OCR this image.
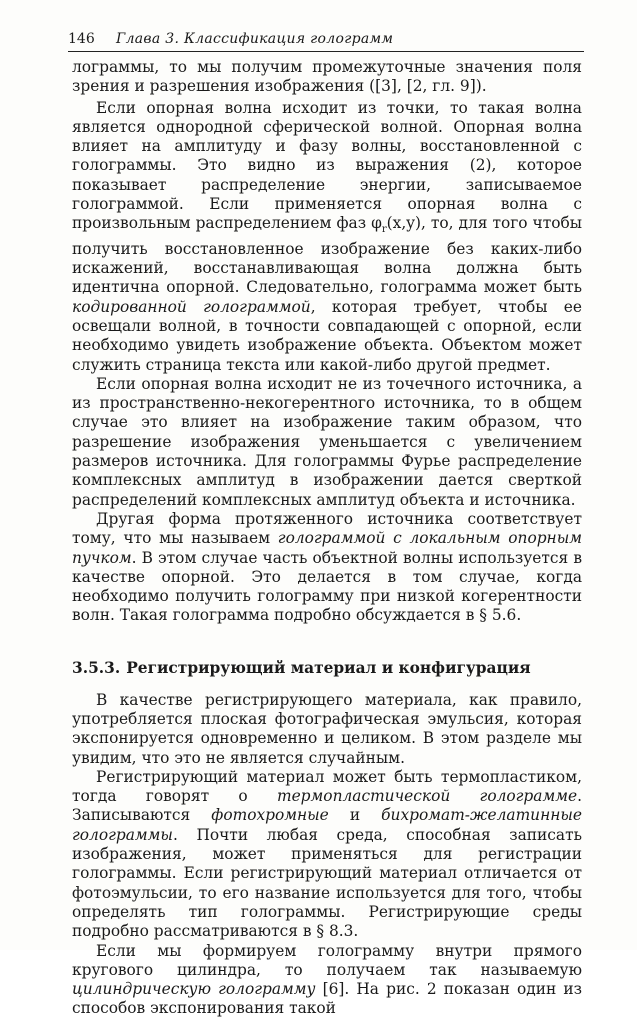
146 Глава 3. Классификация голограмм

лограммы, то мы получим промежуточные значения поля зрения и разрешения изображения ([3], [2, гл. 9]).

Если опорная волна исходит из точки, то такая волна является однородной сферической волной. Опорная волна влияет на амплитуду и фазу волны, восстановленной с голограммы. Это видно из выражения (2), которое показывает распределение энергии, записываемое голограммой. Если применяется опорная волна с произвольным распределением фаз $\varphi_r(x,y)$, то, для того чтобы получить восстановленное изображение без каких-либо искажений, восстанавливающая волна должна быть идентична опорной. Следовательно, голограмма может быть кодированной голограммой, которая требует, чтобы ее освещали волной, в точности совпадающей с опорной, если необходимо увидеть изображение объекта. Объектом может служить страница текста или какой-либо другой предмет.

Если опорная волна исходит не из точечного источника, а из пространственно-некогерентного источника, то в общем случае это влияет на изображение таким образом, что разрешение изображения уменьшается с увеличением размеров источника. Для голограммы Фурье распределение комплексных амплитуд в изображении дается сверткой распределений комплексных амплитуд объекта и источника.

Другая форма протяженного источника соответствует тому, что мы называем голограммой с локальным опорным пучком. В этом случае часть объектной волны используется в качестве опорной. Это делается в том случае, когда необходимо получить голограмму при низкой когерентности волн. Такая голограмма подробно обсуждается в § 5.6.

3.5.3. Регистрирующий материал и конфигурация

В качестве регистрирующего материала, как правило, употребляется плоская фотографическая эмульсия, которая экспонируется одновременно и целиком. В этом разделе мы увидим, что это не является случайным.

Регистрирующий материал может быть термопластиком, тогда говорят о термопластической голограмме. Записываются фотохромные и бихромат-желатинные голограммы. Почти любая среда, способная записать изображения, может применяться для регистрации голограммы. Если регистрирующий материал отличается от фотоэмульсии, то его название используется для того, чтобы определять тип голограммы. Регистрирующие среды подробно рассматриваются в § 8.3.

Если мы формируем голограмму внутри прямого кругового цилиндра, то получаем так называемую цилиндрическую голограмму [6]. На рис. 2 показан один из способов экспонирования такой
